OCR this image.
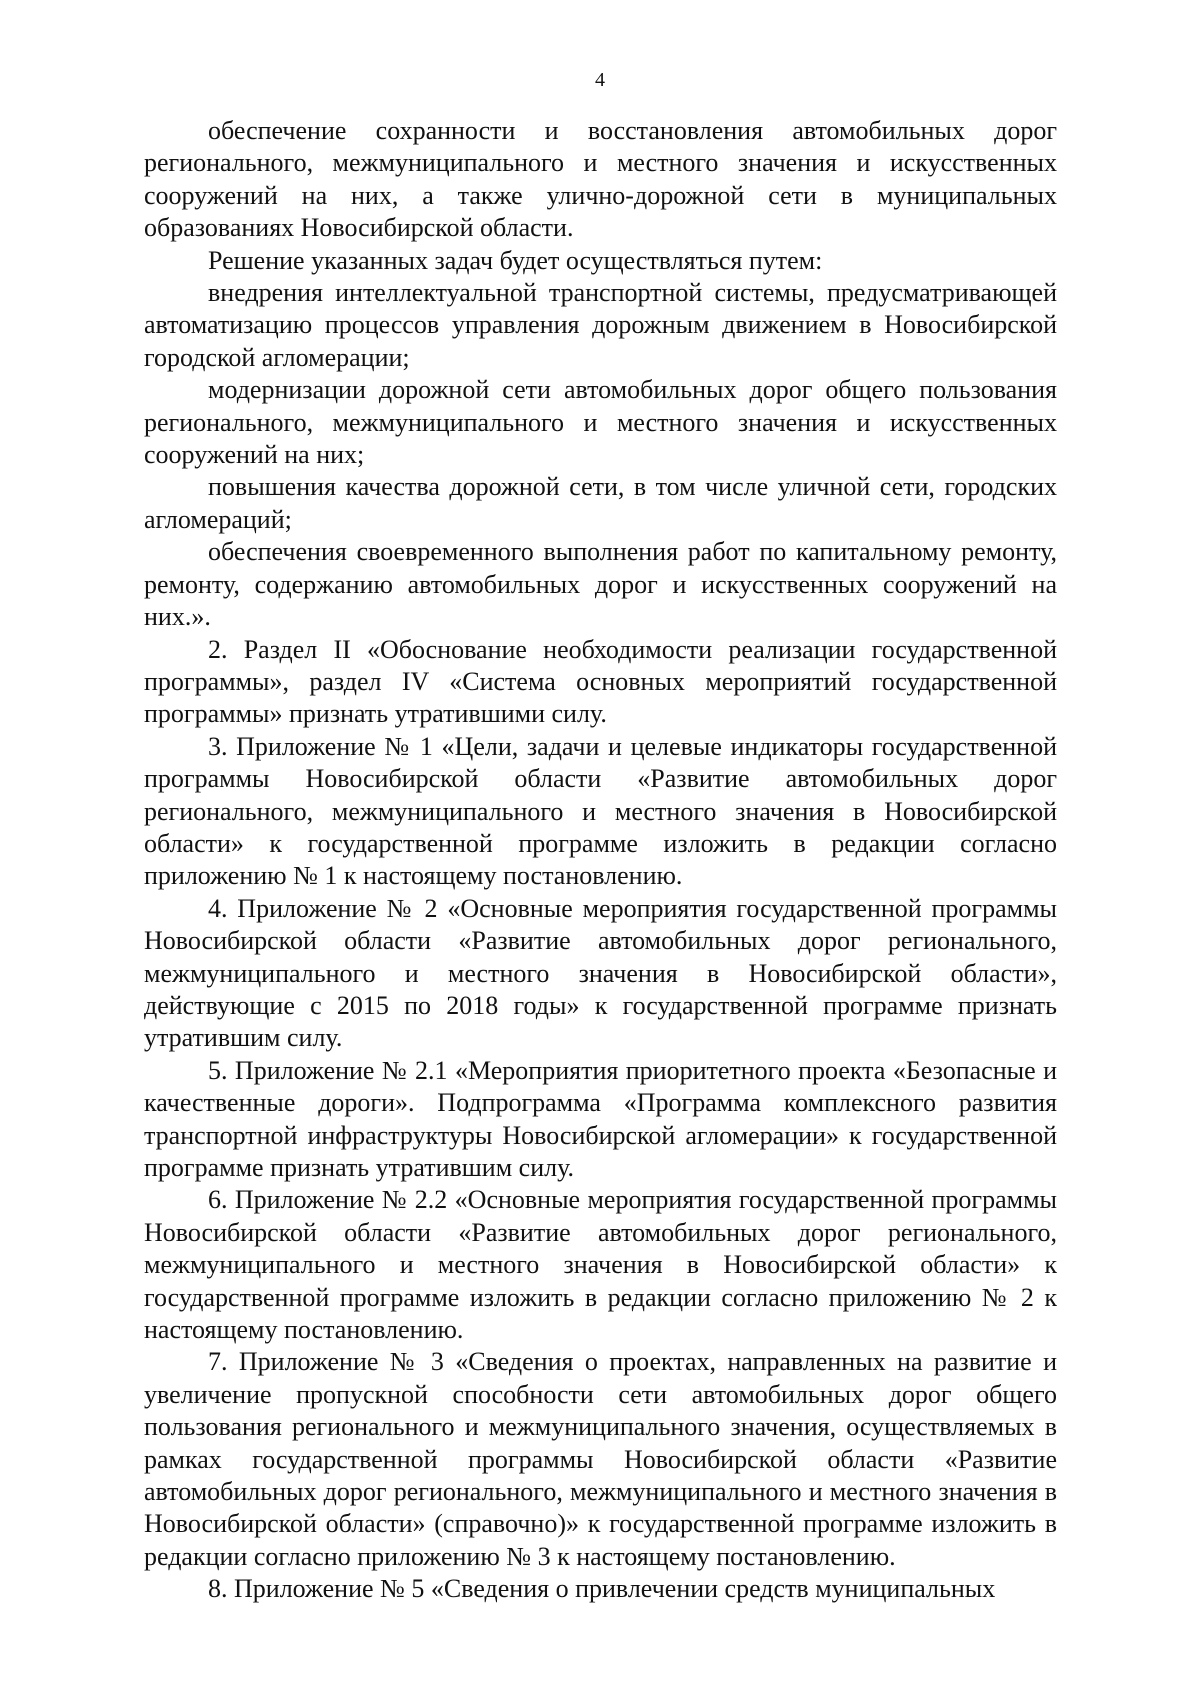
4

обеспечение сохранности и восстановления автомобильных дорог регионального, межмуниципального и местного значения и искусственных сооружений на них, а также улично-дорожной сети в муниципальных образованиях Новосибирской области.

Решение указанных задач будет осуществляться путем:

внедрения интеллектуальной транспортной системы, предусматривающей автоматизацию процессов управления дорожным движением в Новосибирской городской агломерации;

модернизации дорожной сети автомобильных дорог общего пользования регионального, межмуниципального и местного значения и искусственных сооружений на них;

повышения качества дорожной сети, в том числе уличной сети, городских агломераций;

обеспечения своевременного выполнения работ по капитальному ремонту, ремонту, содержанию автомобильных дорог и искусственных сооружений на них.».

2. Раздел II «Обоснование необходимости реализации государственной программы», раздел IV «Система основных мероприятий государственной программы» признать утратившими силу.

3. Приложение № 1 «Цели, задачи и целевые индикаторы государственной программы Новосибирской области «Развитие автомобильных дорог регионального, межмуниципального и местного значения в Новосибирской области» к государственной программе изложить в редакции согласно приложению № 1 к настоящему постановлению.

4. Приложение № 2 «Основные мероприятия государственной программы Новосибирской области «Развитие автомобильных дорог регионального, межмуниципального и местного значения в Новосибирской области», действующие с 2015 по 2018 годы» к государственной программе признать утратившим силу.

5. Приложение № 2.1 «Мероприятия приоритетного проекта «Безопасные и качественные дороги». Подпрограмма «Программа комплексного развития транспортной инфраструктуры Новосибирской агломерации» к государственной программе признать утратившим силу.

6. Приложение № 2.2 «Основные мероприятия государственной программы Новосибирской области «Развитие автомобильных дорог регионального, межмуниципального и местного значения в Новосибирской области» к государственной программе изложить в редакции согласно приложению № 2 к настоящему постановлению.

7. Приложение № 3 «Сведения о проектах, направленных на развитие и увеличение пропускной способности сети автомобильных дорог общего пользования регионального и межмуниципального значения, осуществляемых в рамках государственной программы Новосибирской области «Развитие автомобильных дорог регионального, межмуниципального и местного значения в Новосибирской области» (справочно)» к государственной программе изложить в редакции согласно приложению № 3 к настоящему постановлению.

8. Приложение № 5 «Сведения о привлечении средств муниципальных
